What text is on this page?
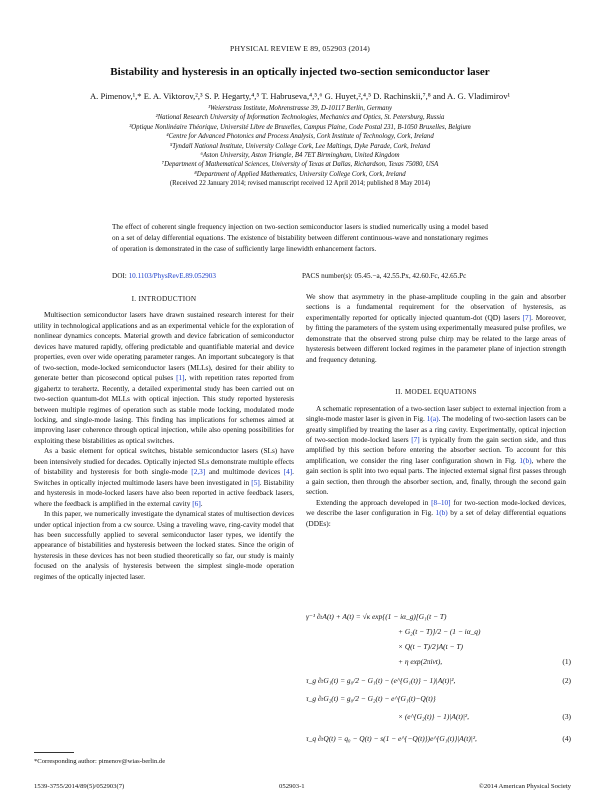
PHYSICAL REVIEW E 89, 052903 (2014)
Bistability and hysteresis in an optically injected two-section semiconductor laser
A. Pimenov,¹,* E. A. Viktorov,²,³ S. P. Hegarty,⁴,⁵ T. Habruseva,⁴,⁵,⁶ G. Huyet,²,⁴,⁵ D. Rachinskii,⁷,⁸ and A. G. Vladimirov¹
¹Weierstrass Institute, Mohrenstrasse 39, D-10117 Berlin, Germany
²National Research University of Information Technologies, Mechanics and Optics, St. Petersburg, Russia
³Optique Nonlinéaire Théorique, Université Libre de Bruxelles, Campus Plaine, Code Postal 231, B-1050 Bruxelles, Belgium
⁴Centre for Advanced Photonics and Process Analysis, Cork Institute of Technology, Cork, Ireland
⁵Tyndall National Institute, University College Cork, Lee Maltings, Dyke Parade, Cork, Ireland
⁶Aston University, Aston Triangle, B4 7ET Birmingham, United Kingdom
⁷Department of Mathematical Sciences, University of Texas at Dallas, Richardson, Texas 75080, USA
⁸Department of Applied Mathematics, University College Cork, Cork, Ireland
(Received 22 January 2014; revised manuscript received 12 April 2014; published 8 May 2014)
The effect of coherent single frequency injection on two-section semiconductor lasers is studied numerically using a model based on a set of delay differential equations. The existence of bistability between different continuous-wave and nonstationary regimes of operation is demonstrated in the case of sufficiently large linewidth enhancement factors.
DOI: 10.1103/PhysRevE.89.052903	PACS number(s): 05.45.−a, 42.55.Px, 42.60.Fc, 42.65.Pc
I. INTRODUCTION

Multisection semiconductor lasers have drawn sustained research interest for their utility in technological applications and as an experimental vehicle for the exploration of nonlinear dynamics concepts. Material growth and device fabrication of semiconductor devices have matured rapidly, offering predictable and quantifiable material and device properties, even over wide operating parameter ranges. An important subcategory is that of two-section, mode-locked semiconductor lasers (MLLs), desired for their ability to generate better than picosecond optical pulses [1], with repetition rates reported from gigahertz to terahertz. Recently, a detailed experimental study has been carried out on two-section quantum-dot MLLs with optical injection. This study reported hysteresis between multiple regimes of operation such as stable mode locking, modulated mode locking, and single-mode lasing. This finding has implications for schemes aimed at improving laser coherence through optical injection, while also opening possibilities for exploiting these bistabilities as optical switches.

As a basic element for optical switches, bistable semiconductor lasers (SLs) have been intensively studied for decades. Optically injected SLs demonstrate multiple effects of bistability and hysteresis for both single-mode [2,3] and multimode devices [4]. Switches in optically injected multimode lasers have been investigated in [5]. Bistability and hysteresis in mode-locked lasers have also been reported in active feedback lasers, where the feedback is amplified in the external cavity [6].

In this paper, we numerically investigate the dynamical states of multisection devices under optical injection from a cw source. Using a traveling wave, ring-cavity model that has been successfully applied to several semiconductor laser types, we identify the appearance of bistabilities and hysteresis between the locked states. Since the origin of hysteresis in these devices has not been studied theoretically so far, our study is mainly focused on the analysis of hysteresis between the simplest single-mode operation regimes of the optically injected laser.

We show that asymmetry in the phase-amplitude coupling in the gain and absorber sections is a fundamental requirement for the observation of hysteresis, as experimentally reported for optically injected quantum-dot (QD) lasers [7]. Moreover, by fitting the parameters of the system using experimentally measured pulse profiles, we demonstrate that the observed strong pulse chirp may be related to the large areas of hysteresis between different locked regimes in the parameter plane of injection strength and frequency detuning.

II. MODEL EQUATIONS

A schematic representation of a two-section laser subject to external injection from a single-mode master laser is given in Fig. 1(a). The modeling of two-section lasers can be greatly simplified by treating the laser as a ring cavity. Experimentally, optical injection of two-section mode-locked lasers [7] is typically from the gain section side, and thus amplified by this section before entering the absorber section. To account for this amplification, we consider the ring laser configuration shown in Fig. 1(b), where the gain section is split into two equal parts. The injected external signal first passes through a gain section, then through the absorber section, and, finally, through the second gain section.

Extending the approach developed in [8–10] for two-section mode-locked devices, we describe the laser configuration in Fig. 1(b) by a set of delay differential equations (DDEs):

γ⁻¹ ∂ₜA(t) + A(t) = √κ exp{(1 − iα_g)[G₁(t − T)
+ G₂(t − T)]/2 − (1 − iα_q)
× Q(t − T)/2}A(t − T)
+ η exp(2πiνt),	(1)
τ_g ∂ₜG₁(t) = g₀/2 − G₁(t) − (e^{G₁(t)} − 1)|A(t)|²,	(2)
τ_g ∂ₜG₂(t) = g₀/2 − G₂(t) − e^{G₁(t)−Q(t)}
× (e^{G₂(t)} − 1)|A(t)|²,	(3)
τ_q ∂ₜQ(t) = q₀ − Q(t) − s(1 − e^{−Q(t)})e^{G₁(t)}|A(t)|²,	(4)
*Corresponding author: pimenov@wias-berlin.de
1539-3755/2014/89(5)/052903(7)	052903-1	©2014 American Physical Society
